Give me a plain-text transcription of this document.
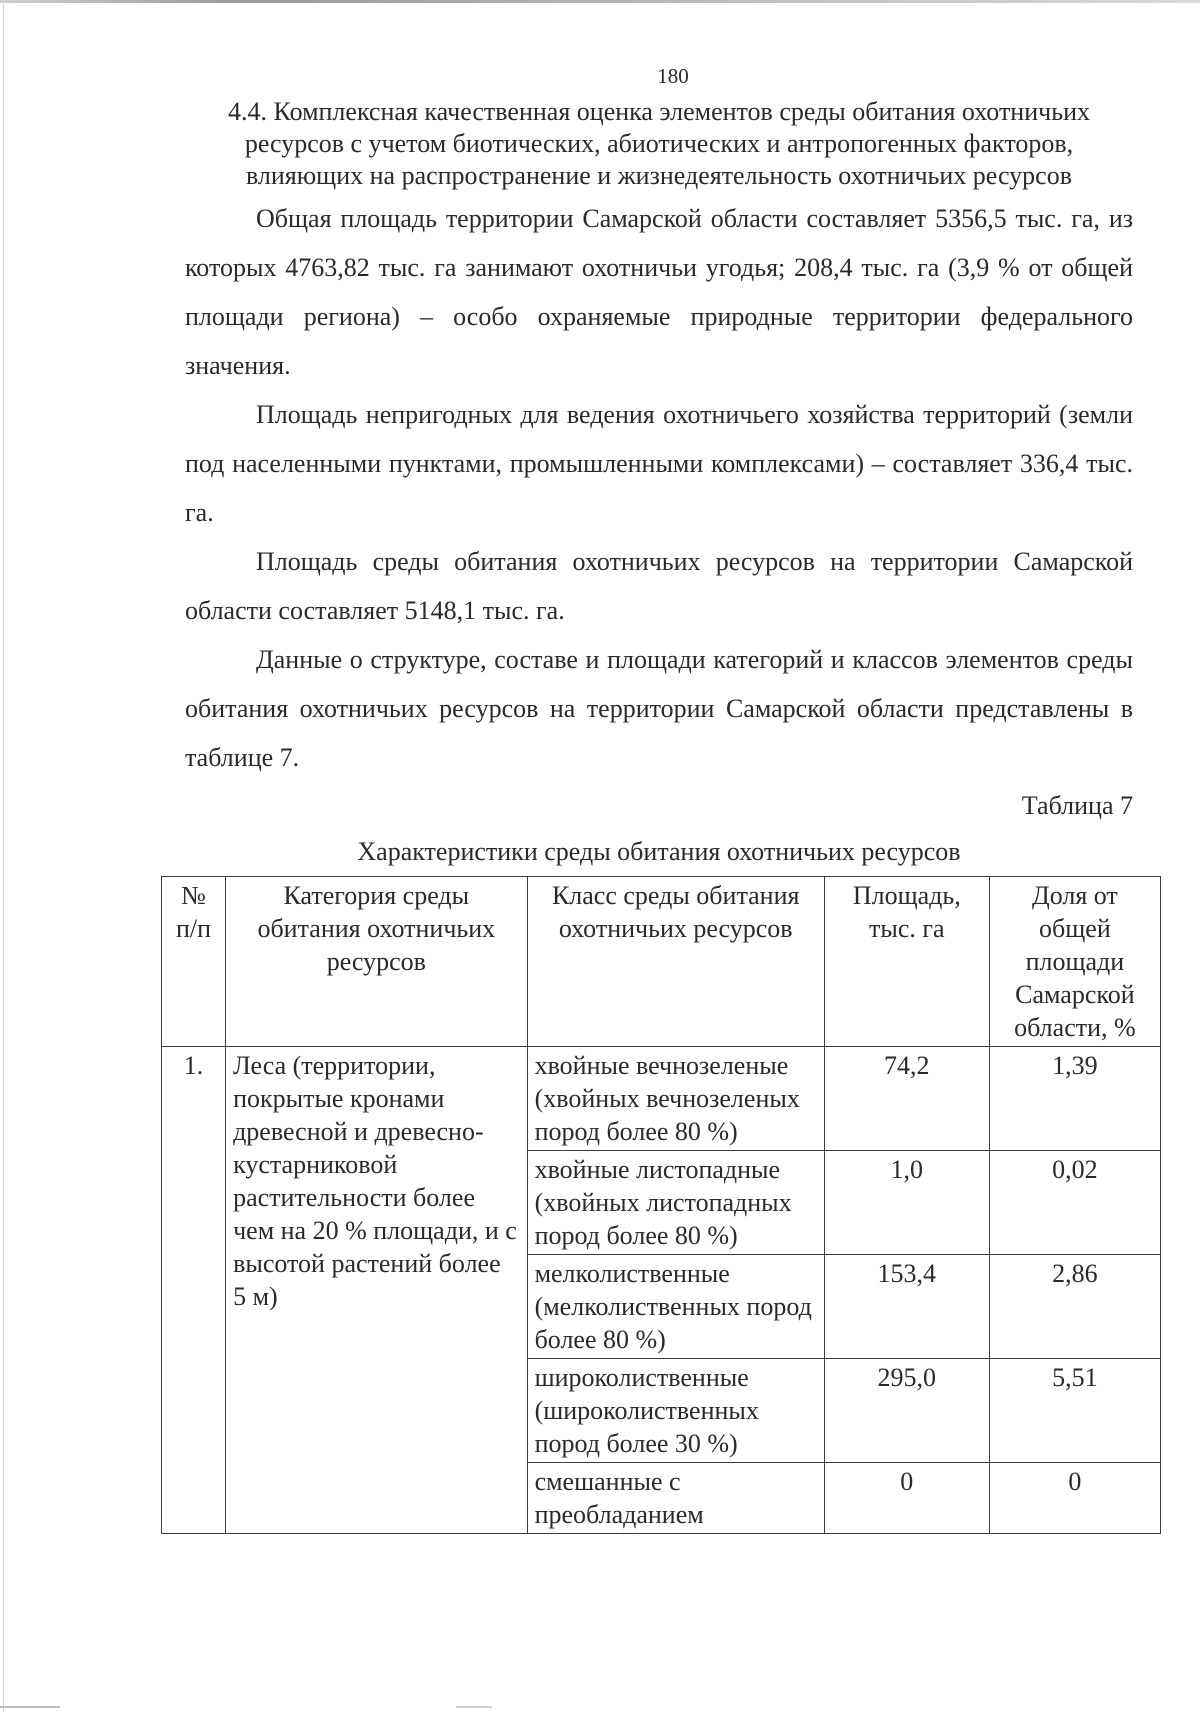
180
4.4. Комплексная качественная оценка элементов среды обитания охотничьих
ресурсов с учетом биотических, абиотических и антропогенных факторов,
влияющих на распространение и жизнедеятельность охотничьих ресурсов

Общая площадь территории Самарской области составляет 5356,5 тыс. га, из которых 4763,82 тыс. га занимают охотничьи угодья; 208,4 тыс. га (3,9 % от общей площади региона) – особо охраняемые природные территории федерального значения.

Площадь непригодных для ведения охотничьего хозяйства территорий (земли под населенными пунктами, промышленными комплексами) – составляет 336,4 тыс. га.

Площадь среды обитания охотничьих ресурсов на территории Самарской области составляет 5148,1 тыс. га.

Данные о структуре, составе и площади категорий и классов элементов среды обитания охотничьих ресурсов на территории Самарской области представлены в таблице 7.

Таблица 7
Характеристики среды обитания охотничьих ресурсов
№ п/п	Категория среды обитания охотничьих ресурсов	Класс среды обитания охотничьих ресурсов	Площадь, тыс. га	Доля от общей площади Самарской области, %
1.	Леса (территории, покрытые кронами древесной и древесно-кустарниковой растительности более чем на 20 % площади, и с высотой растений более 5 м)	хвойные вечнозеленые (хвойных вечнозеленых пород более 80 %)	74,2	1,39
		хвойные листопадные (хвойных листопадных пород более 80 %)	1,0	0,02
		мелколиственные (мелколиственных пород более 80 %)	153,4	2,86
		широколиственные (широколиственных пород более 30 %)	295,0	5,51
		смешанные с преобладанием	0	0
